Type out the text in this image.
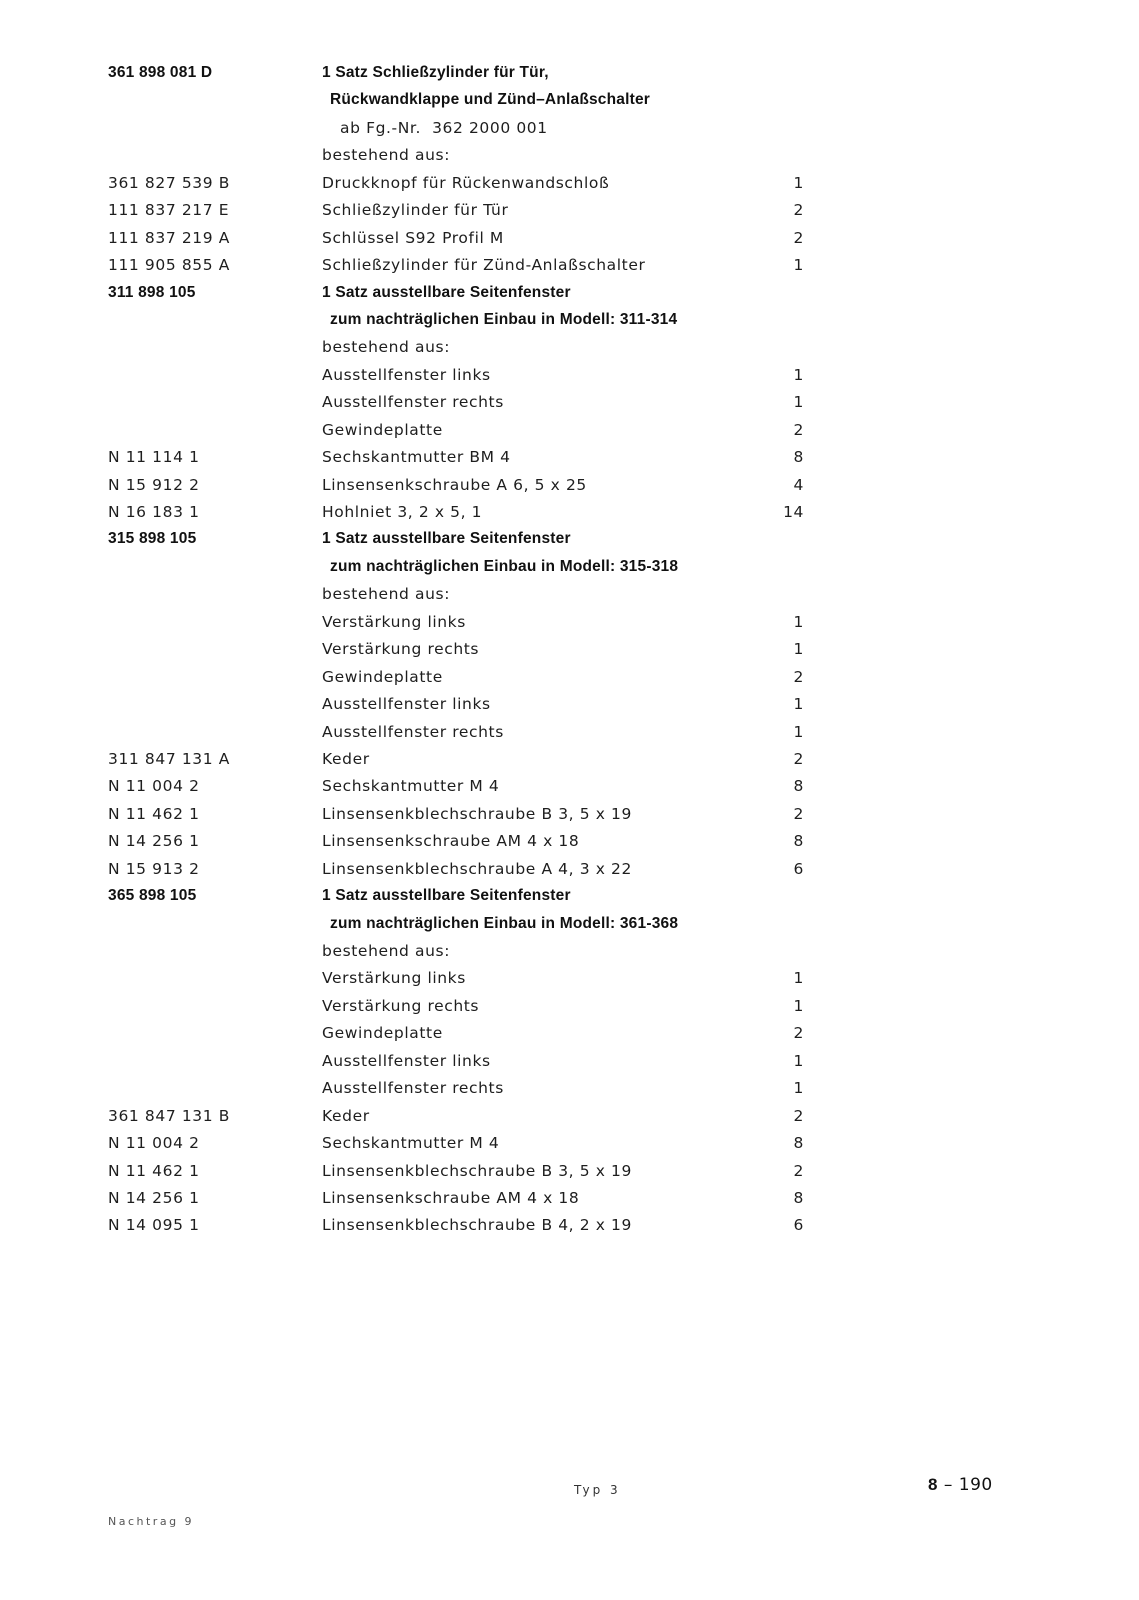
361 898 081 D	1 Satz Schließzylinder für Tür,
Rückwandklappe und Zünd–Anlaßschalter
ab Fg.-Nr.  362 2000 001
bestehend aus:
361 827 539 B	Druckknopf für Rückenwandschloß	1
111 837 217 E	Schließzylinder für Tür	2
111 837 219 A	Schlüssel S92 Profil M	2
111 905 855 A	Schließzylinder für Zünd-Anlaßschalter	1
311 898 105	1 Satz ausstellbare Seitenfenster
zum nachträglichen Einbau in Modell: 311-314
bestehend aus:
Ausstellfenster links	1
Ausstellfenster rechts	1
Gewindeplatte	2
N 11 114 1	Sechskantmutter BM 4	8
N 15 912 2	Linsensenkschraube A 6, 5 x 25	4
N 16 183 1	Hohlniet 3, 2 x 5, 1	14
315 898 105	1 Satz ausstellbare Seitenfenster
zum nachträglichen Einbau in Modell: 315-318
bestehend aus:
Verstärkung links	1
Verstärkung rechts	1
Gewindeplatte	2
Ausstellfenster links	1
Ausstellfenster rechts	1
311 847 131 A	Keder	2
N 11 004 2	Sechskantmutter M 4	8
N 11 462 1	Linsensenkblechschraube B 3, 5 x 19	2
N 14 256 1	Linsensenkschraube AM 4 x 18	8
N 15 913 2	Linsensenkblechschraube A 4, 3 x 22	6
365 898 105	1 Satz ausstellbare Seitenfenster
zum nachträglichen Einbau in Modell: 361-368
bestehend aus:
Verstärkung links	1
Verstärkung rechts	1
Gewindeplatte	2
Ausstellfenster links	1
Ausstellfenster rechts	1
361 847 131 B	Keder	2
N 11 004 2	Sechskantmutter M 4	8
N 11 462 1	Linsensenkblechschraube B 3, 5 x 19	2
N 14 256 1	Linsensenkschraube AM 4 x 18	8
N 14 095 1	Linsensenkblechschraube B 4, 2 x 19	6
Typ 3	8 – 190
Nachtrag 9
